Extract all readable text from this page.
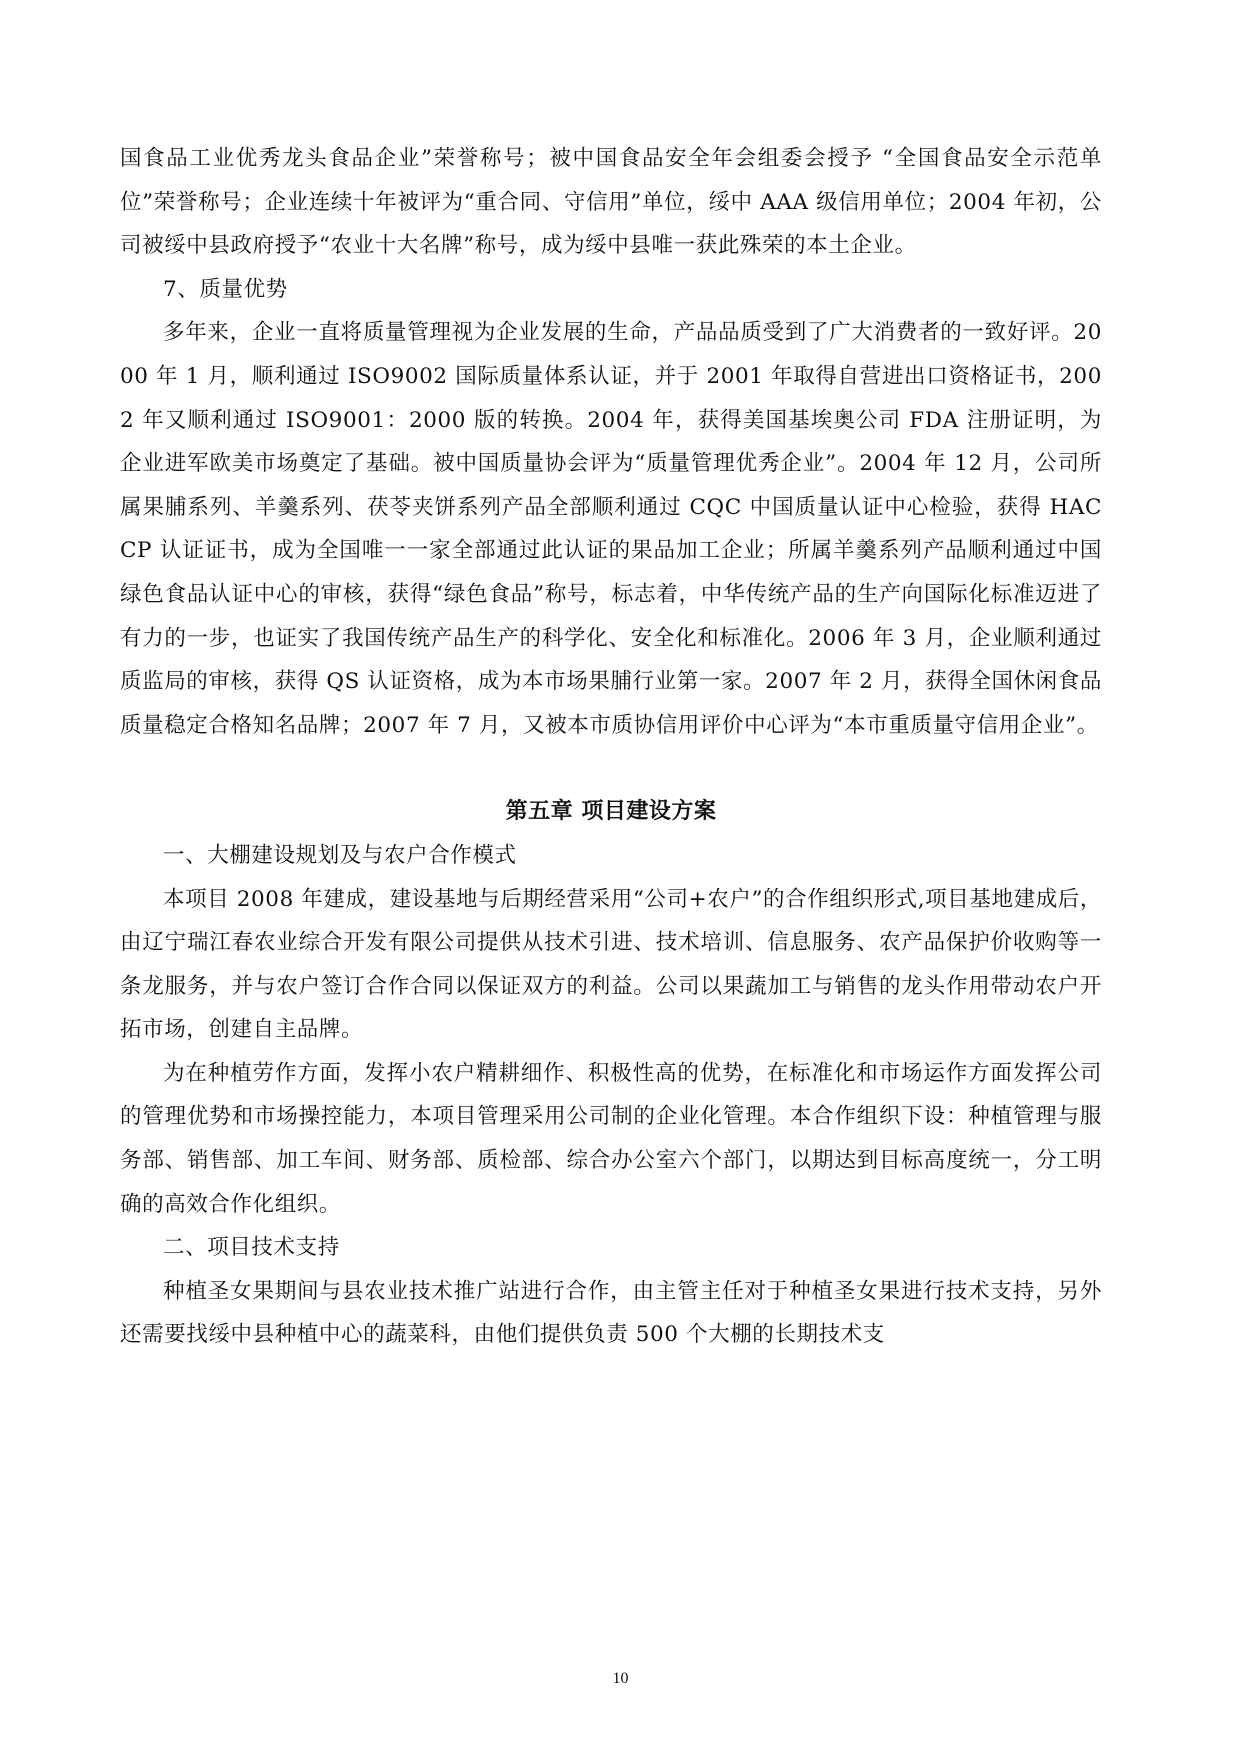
国食品工业优秀龙头食品企业”荣誉称号；被中国食品安全年会组委会授予 “全国食品安全示范单位”荣誉称号；企业连续十年被评为“重合同、守信用”单位，绥中 AAA 级信用单位；2004 年初，公司被绥中县政府授予“农业十大名牌”称号，成为绥中县唯一获此殊荣的本土企业。

7、质量优势

多年来，企业一直将质量管理视为企业发展的生命，产品品质受到了广大消费者的一致好评。2000 年 1 月，顺利通过 ISO9002 国际质量体系认证，并于 2001 年取得自营进出口资格证书，2002 年又顺利通过 ISO9001：2000 版的转换。2004 年，获得美国基埃奥公司 FDA 注册证明，为企业进军欧美市场奠定了基础。被中国质量协会评为“质量管理优秀企业”。2004 年 12 月，公司所属果脯系列、羊羹系列、茯苓夹饼系列产品全部顺利通过 CQC 中国质量认证中心检验，获得 HACCP 认证证书，成为全国唯一一家全部通过此认证的果品加工企业；所属羊羹系列产品顺利通过中国绿色食品认证中心的审核，获得“绿色食品”称号，标志着，中华传统产品的生产向国际化标准迈进了有力的一步，也证实了我国传统产品生产的科学化、安全化和标准化。2006 年 3 月，企业顺利通过质监局的审核，获得 QS 认证资格，成为本市场果脯行业第一家。2007 年 2 月，获得全国休闲食品质量稳定合格知名品牌；2007 年 7 月，又被本市质协信用评价中心评为“本市重质量守信用企业”。

第五章 项目建设方案

一、大棚建设规划及与农户合作模式

本项目 2008 年建成，建设基地与后期经营采用“公司+农户”的合作组织形式,项目基地建成后，由辽宁瑞江春农业综合开发有限公司提供从技术引进、技术培训、信息服务、农产品保护价收购等一条龙服务，并与农户签订合作合同以保证双方的利益。公司以果蔬加工与销售的龙头作用带动农户开拓市场，创建自主品牌。

为在种植劳作方面，发挥小农户精耕细作、积极性高的优势，在标准化和市场运作方面发挥公司的管理优势和市场操控能力，本项目管理采用公司制的企业化管理。本合作组织下设：种植管理与服务部、销售部、加工车间、财务部、质检部、综合办公室六个部门，以期达到目标高度统一，分工明确的高效合作化组织。

二、项目技术支持

种植圣女果期间与县农业技术推广站进行合作，由主管主任对于种植圣女果进行技术支持，另外还需要找绥中县种植中心的蔬菜科，由他们提供负责 500 个大棚的长期技术支

10
